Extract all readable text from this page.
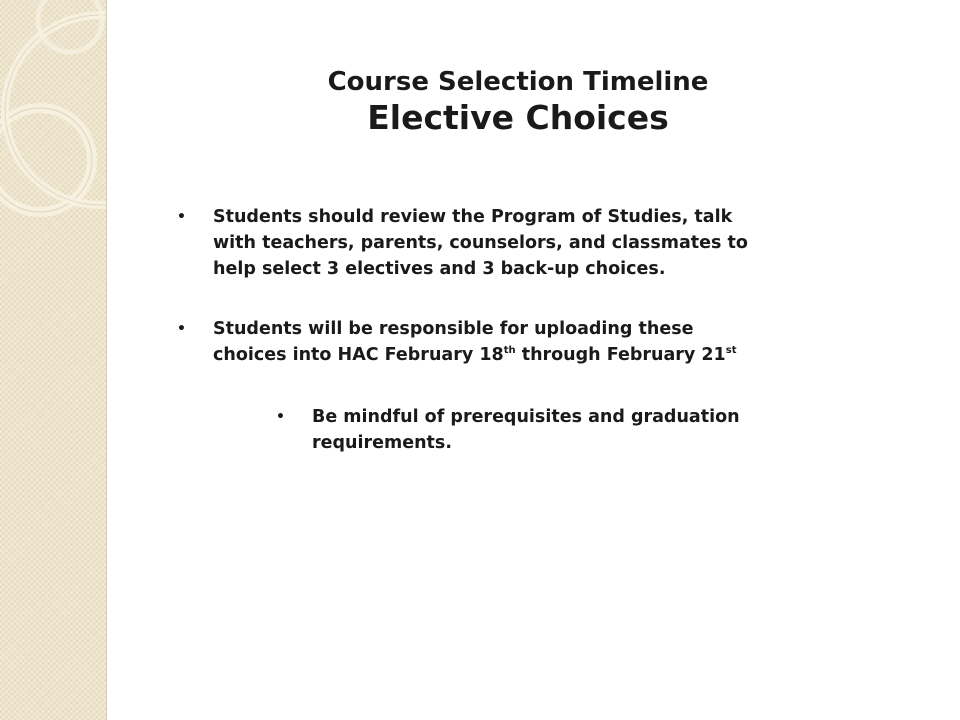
Course Selection Timeline
Elective Choices
• Students should review the Program of Studies, talk
with teachers, parents, counselors, and classmates to
help select 3 electives and 3 back-up choices.
• Students will be responsible for uploading these
choices into HAC February 18th through February 21st
• Be mindful of prerequisites and graduation
requirements.
